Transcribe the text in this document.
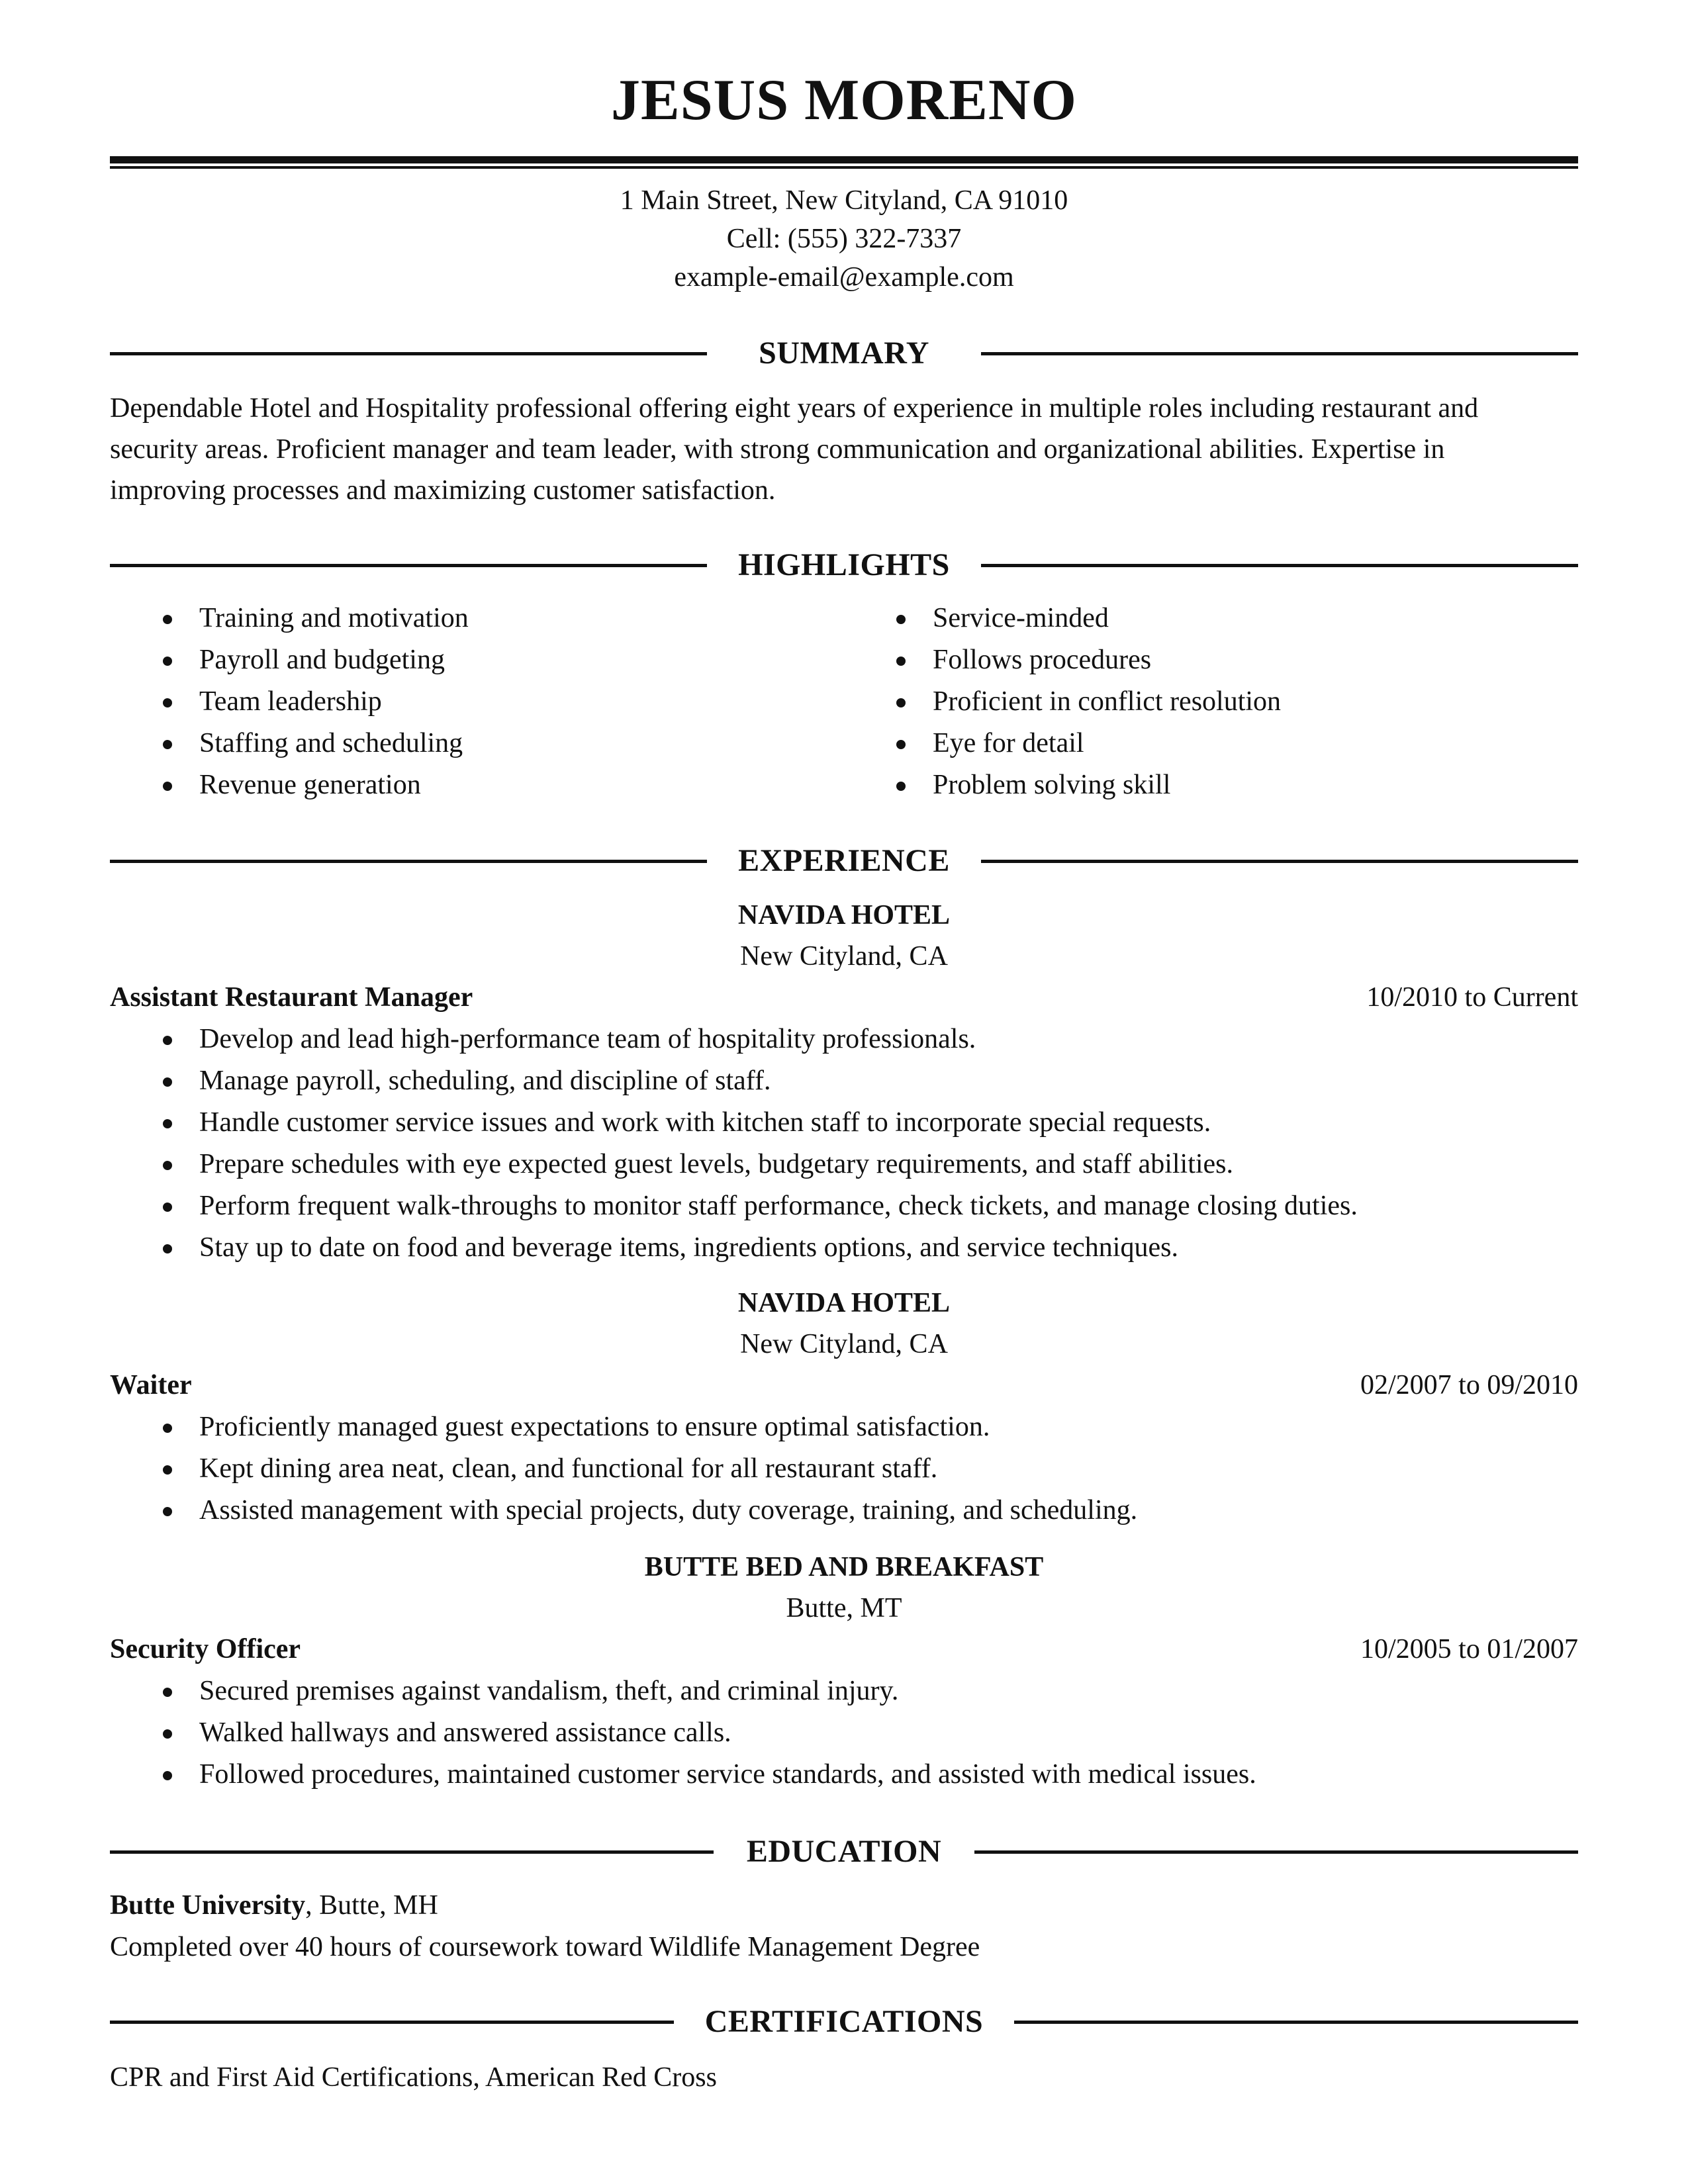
JESUS MORENO
1 Main Street, New Cityland, CA 91010
Cell: (555) 322-7337
example-email@example.com
SUMMARY
Dependable Hotel and Hospitality professional offering eight years of experience in multiple roles including restaurant and
security areas. Proficient manager and team leader, with strong communication and organizational abilities. Expertise in
improving processes and maximizing customer satisfaction.
HIGHLIGHTS
Training and motivation
Payroll and budgeting
Team leadership
Staffing and scheduling
Revenue generation
Service-minded
Follows procedures
Proficient in conflict resolution
Eye for detail
Problem solving skill
EXPERIENCE
NAVIDA HOTEL
New Cityland, CA
Assistant Restaurant Manager	10/2010 to Current
Develop and lead high-performance team of hospitality professionals.
Manage payroll, scheduling, and discipline of staff.
Handle customer service issues and work with kitchen staff to incorporate special requests.
Prepare schedules with eye expected guest levels, budgetary requirements, and staff abilities.
Perform frequent walk-throughs to monitor staff performance, check tickets, and manage closing duties.
Stay up to date on food and beverage items, ingredients options, and service techniques.
NAVIDA HOTEL
New Cityland, CA
Waiter	02/2007 to 09/2010
Proficiently managed guest expectations to ensure optimal satisfaction.
Kept dining area neat, clean, and functional for all restaurant staff.
Assisted management with special projects, duty coverage, training, and scheduling.
BUTTE BED AND BREAKFAST
Butte, MT
Security Officer	10/2005 to 01/2007
Secured premises against vandalism, theft, and criminal injury.
Walked hallways and answered assistance calls.
Followed procedures, maintained customer service standards, and assisted with medical issues.
EDUCATION
Butte University, Butte, MH
Completed over 40 hours of coursework toward Wildlife Management Degree
CERTIFICATIONS
CPR and First Aid Certifications, American Red Cross
